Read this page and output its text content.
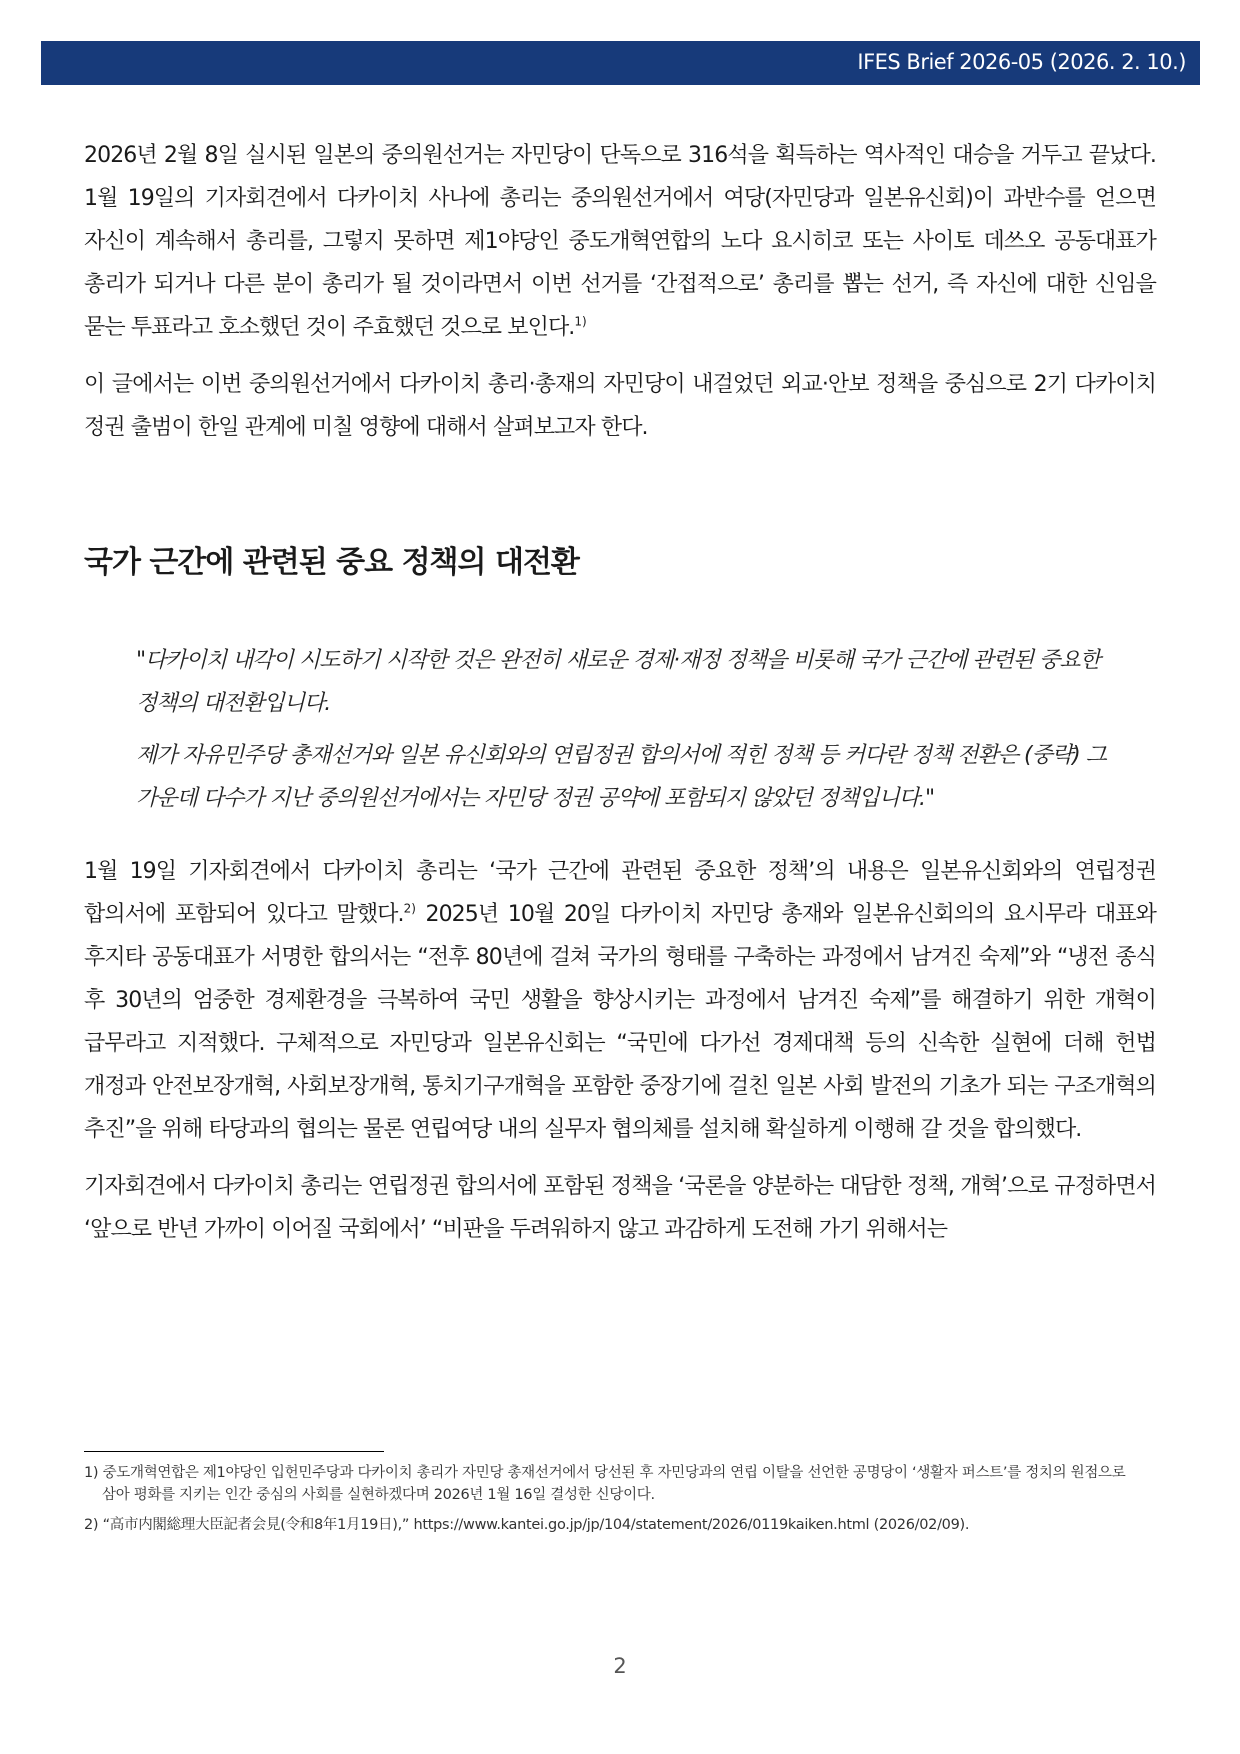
IFES Brief 2026-05 (2026. 2. 10.)

2026년 2월 8일 실시된 일본의 중의원선거는 자민당이 단독으로 316석을 획득하는 역사적인 대승을 거두고 끝났다. 1월 19일의 기자회견에서 다카이치 사나에 총리는 중의원선거에서 여당(자민당과 일본유신회)이 과반수를 얻으면 자신이 계속해서 총리를, 그렇지 못하면 제1야당인 중도개혁연합의 노다 요시히코 또는 사이토 데쓰오 공동대표가 총리가 되거나 다른 분이 총리가 될 것이라면서 이번 선거를 ‘간접적으로’ 총리를 뽑는 선거, 즉 자신에 대한 신임을 묻는 투표라고 호소했던 것이 주효했던 것으로 보인다.$^{1)}$

이 글에서는 이번 중의원선거에서 다카이치 총리·총재의 자민당이 내걸었던 외교·안보 정책을 중심으로 2기 다카이치 정권 출범이 한일 관계에 미칠 영향에 대해서 살펴보고자 한다.

국가 근간에 관련된 중요 정책의 대전환

"다카이치 내각이 시도하기 시작한 것은 완전히 새로운 경제·재정 정책을 비롯해 국가 근간에 관련된 중요한 정책의 대전환입니다.

제가 자유민주당 총재선거와 일본 유신회와의 연립정권 합의서에 적힌 정책 등 커다란 정책 전환은 (중략) 그 가운데 다수가 지난 중의원선거에서는 자민당 정권 공약에 포함되지 않았던 정책입니다."

1월 19일 기자회견에서 다카이치 총리는 ‘국가 근간에 관련된 중요한 정책’의 내용은 일본유신회와의 연립정권 합의서에 포함되어 있다고 말했다.$^{2)}$ 2025년 10월 20일 다카이치 자민당 총재와 일본유신회의의 요시무라 대표와 후지타 공동대표가 서명한 합의서는 “전후 80년에 걸쳐 국가의 형태를 구축하는 과정에서 남겨진 숙제”와 “냉전 종식 후 30년의 엄중한 경제환경을 극복하여 국민 생활을 향상시키는 과정에서 남겨진 숙제”를 해결하기 위한 개혁이 급무라고 지적했다. 구체적으로 자민당과 일본유신회는 “국민에 다가선 경제대책 등의 신속한 실현에 더해 헌법 개정과 안전보장개혁, 사회보장개혁, 통치기구개혁을 포함한 중장기에 걸친 일본 사회 발전의 기초가 되는 구조개혁의 추진”을 위해 타당과의 협의는 물론 연립여당 내의 실무자 협의체를 설치해 확실하게 이행해 갈 것을 합의했다.

기자회견에서 다카이치 총리는 연립정권 합의서에 포함된 정책을 ‘국론을 양분하는 대담한 정책, 개혁’으로 규정하면서 ‘앞으로 반년 가까이 이어질 국회에서’ “비판을 두려워하지 않고 과감하게 도전해 가기 위해서는

1) 중도개혁연합은 제1야당인 입헌민주당과 다카이치 총리가 자민당 총재선거에서 당선된 후 자민당과의 연립 이탈을 선언한 공명당이 ‘생활자 퍼스트’를 정치의 원점으로 삼아 평화를 지키는 인간 중심의 사회를 실현하겠다며 2026년 1월 16일 결성한 신당이다.

2) “高市内閣総理大臣記者会見(令和8年1月19日),” https://www.kantei.go.jp/jp/104/statement/2026/0119kaiken.html (2026/02/09).

2
